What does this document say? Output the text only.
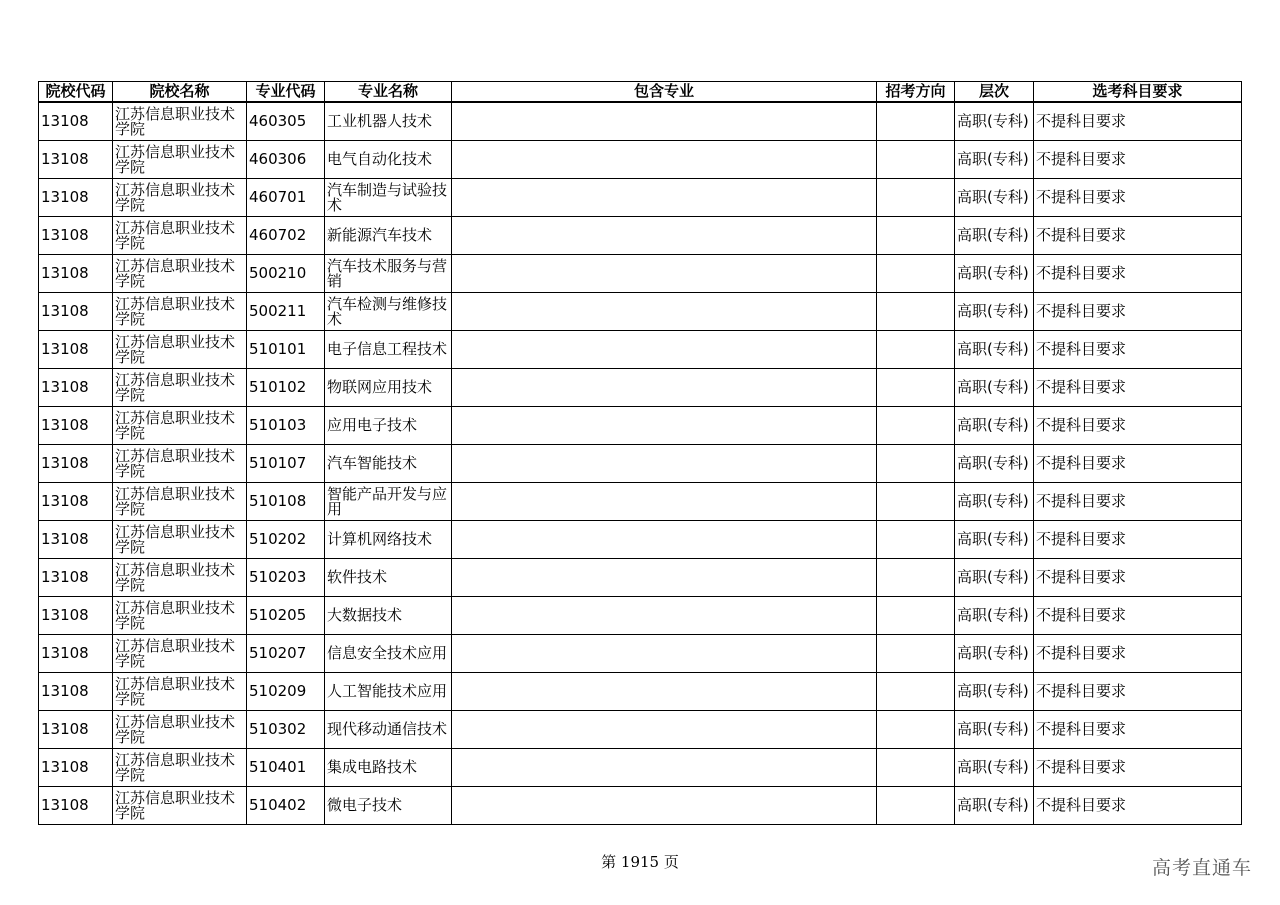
院校代码	院校名称	专业代码	专业名称	包含专业	招考方向	层次	选考科目要求
13108	江苏信息职业技术学院	460305	工业机器人技术			高职(专科)	不提科目要求
13108	江苏信息职业技术学院	460306	电气自动化技术			高职(专科)	不提科目要求
13108	江苏信息职业技术学院	460701	汽车制造与试验技术			高职(专科)	不提科目要求
13108	江苏信息职业技术学院	460702	新能源汽车技术			高职(专科)	不提科目要求
13108	江苏信息职业技术学院	500210	汽车技术服务与营销			高职(专科)	不提科目要求
13108	江苏信息职业技术学院	500211	汽车检测与维修技术			高职(专科)	不提科目要求
13108	江苏信息职业技术学院	510101	电子信息工程技术			高职(专科)	不提科目要求
13108	江苏信息职业技术学院	510102	物联网应用技术			高职(专科)	不提科目要求
13108	江苏信息职业技术学院	510103	应用电子技术			高职(专科)	不提科目要求
13108	江苏信息职业技术学院	510107	汽车智能技术			高职(专科)	不提科目要求
13108	江苏信息职业技术学院	510108	智能产品开发与应用			高职(专科)	不提科目要求
13108	江苏信息职业技术学院	510202	计算机网络技术			高职(专科)	不提科目要求
13108	江苏信息职业技术学院	510203	软件技术			高职(专科)	不提科目要求
13108	江苏信息职业技术学院	510205	大数据技术			高职(专科)	不提科目要求
13108	江苏信息职业技术学院	510207	信息安全技术应用			高职(专科)	不提科目要求
13108	江苏信息职业技术学院	510209	人工智能技术应用			高职(专科)	不提科目要求
13108	江苏信息职业技术学院	510302	现代移动通信技术			高职(专科)	不提科目要求
13108	江苏信息职业技术学院	510401	集成电路技术			高职(专科)	不提科目要求
13108	江苏信息职业技术学院	510402	微电子技术			高职(专科)	不提科目要求
第 1915 页	高考直通车
